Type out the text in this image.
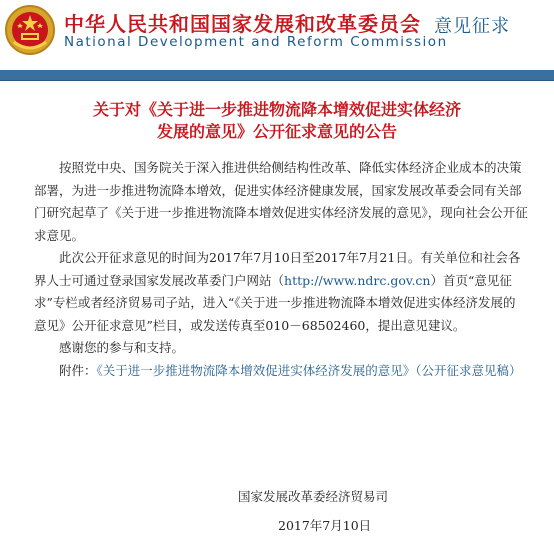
中华人民共和国国家发展和改革委员会
National Development and Reform Commission
意见征求
关于对《关于进一步推进物流降本增效促进实体经济
发展的意见》公开征求意见的公告

按照党中央、国务院关于深入推进供给侧结构性改革、降低实体经济企业成本的决策部署，为进一步推进物流降本增效，促进实体经济健康发展，国家发展改革委会同有关部门研究起草了《关于进一步推进物流降本增效促进实体经济发展的意见》，现向社会公开征求意见。

此次公开征求意见的时间为2017年7月10日至2017年7月21日。有关单位和社会各界人士可通过登录国家发展改革委门户网站（http://www.ndrc.gov.cn）首页“意见征求”专栏或者经济贸易司子站，进入“《关于进一步推进物流降本增效促进实体经济发展的意见》公开征求意见”栏目，或发送传真至010－68502460，提出意见建议。

感谢您的参与和支持。

附件：《关于进一步推进物流降本增效促进实体经济发展的意见》（公开征求意见稿）

国家发展改革委经济贸易司
2017年7月10日
